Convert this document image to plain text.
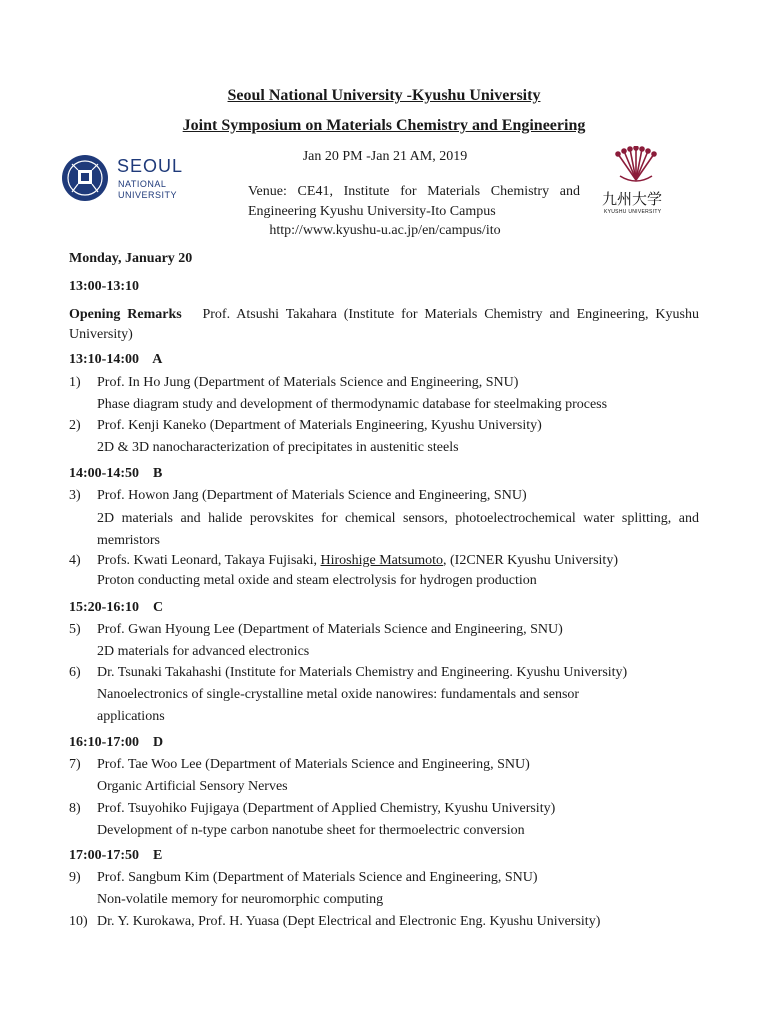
Seoul National University -Kyushu University
Joint Symposium on Materials Chemistry and Engineering
SEOUL
NATIONAL
UNIVERSITY	九州大学
KYUSHU UNIVERSITY
Jan 20 PM -Jan 21 AM, 2019
Venue: CE41, Institute for Materials Chemistry and Engineering Kyushu University-Ito Campus
http://www.kyushu-u.ac.jp/en/campus/ito
Monday, January 20
13:00-13:10
Opening Remarks Prof. Atsushi Takahara (Institute for Materials Chemistry and Engineering, Kyushu University)
13:10-14:00    A
1)	Prof. In Ho Jung (Department of Materials Science and Engineering, SNU)
Phase diagram study and development of thermodynamic database for steelmaking process
2)	Prof. Kenji Kaneko (Department of Materials Engineering, Kyushu University)
2D & 3D nanocharacterization of precipitates in austenitic steels
14:00-14:50    B
3)	Prof. Howon Jang (Department of Materials Science and Engineering, SNU)
2D materials and halide perovskites for chemical sensors, photoelectrochemical water splitting, and memristors
4)	Profs. Kwati Leonard, Takaya Fujisaki, Hiroshige Matsumoto, (I2CNER Kyushu University)
Proton conducting metal oxide and steam electrolysis for hydrogen production
15:20-16:10    C
5)	Prof. Gwan Hyoung Lee (Department of Materials Science and Engineering, SNU)
2D materials for advanced electronics
6)	Dr. Tsunaki Takahashi (Institute for Materials Chemistry and Engineering. Kyushu University)
Nanoelectronics of single-crystalline metal oxide nanowires: fundamentals and sensor
applications
16:10-17:00    D
7)	Prof. Tae Woo Lee (Department of Materials Science and Engineering, SNU)
Organic Artificial Sensory Nerves
8)	Prof. Tsuyohiko Fujigaya (Department of Applied Chemistry, Kyushu University)
Development of n-type carbon nanotube sheet for thermoelectric conversion
17:00-17:50    E
9)	Prof. Sangbum Kim (Department of Materials Science and Engineering, SNU)
Non-volatile memory for neuromorphic computing
10) Dr. Y. Kurokawa, Prof. H. Yuasa (Dept Electrical and Electronic Eng. Kyushu University)
